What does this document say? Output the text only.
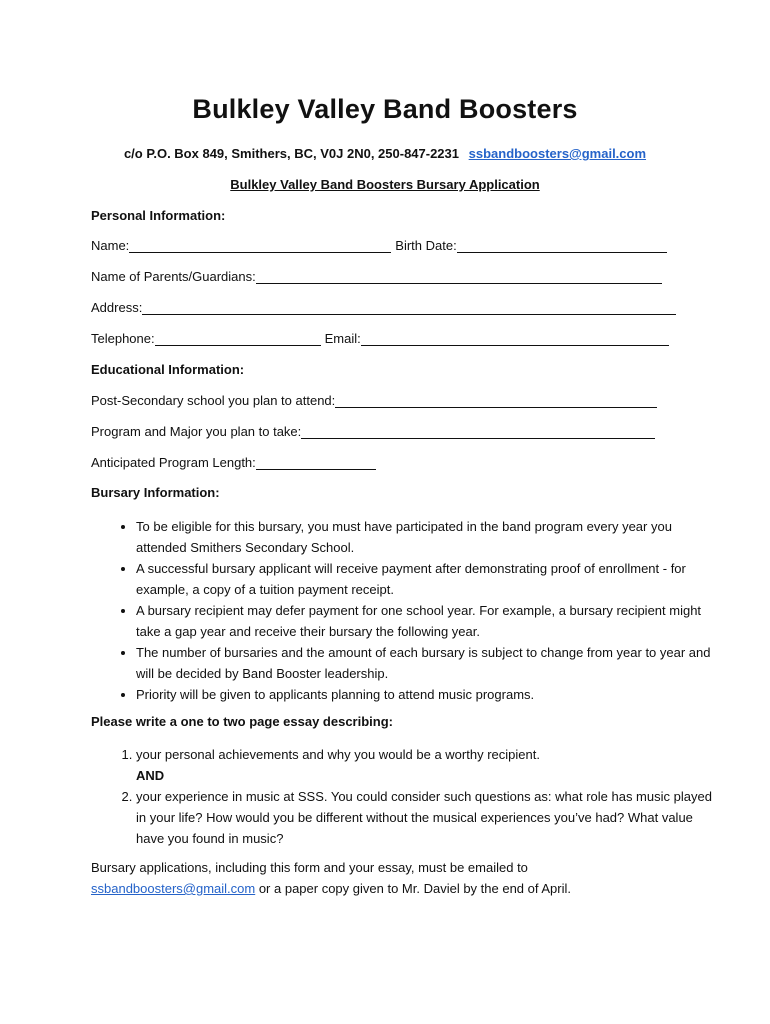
Bulkley Valley Band Boosters
c/o P.O. Box 849, Smithers, BC, V0J 2N0, 250-847-2231 ssbandboosters@gmail.com
Bulkley Valley Band Boosters Bursary Application
Personal Information:
Name:	Birth Date:
Name of Parents/Guardians:
Address:
Telephone:	Email:
Educational Information:
Post-Secondary school you plan to attend:
Program and Major you plan to take:
Anticipated Program Length:
Bursary Information:
• To be eligible for this bursary, you must have participated in the band program every year you attended Smithers Secondary School.
• A successful bursary applicant will receive payment after demonstrating proof of enrollment - for example, a copy of a tuition payment receipt.
• A bursary recipient may defer payment for one school year. For example, a bursary recipient might take a gap year and receive their bursary the following year.
• The number of bursaries and the amount of each bursary is subject to change from year to year and will be decided by Band Booster leadership.
• Priority will be given to applicants planning to attend music programs.
Please write a one to two page essay describing:
1. your personal achievements and why you would be a worthy recipient.
AND
2. your experience in music at SSS. You could consider such questions as: what role has music played in your life? How would you be different without the musical experiences you’ve had? What value have you found in music?
Bursary applications, including this form and your essay, must be emailed to ssbandboosters@gmail.com or a paper copy given to Mr. Daviel by the end of April.
